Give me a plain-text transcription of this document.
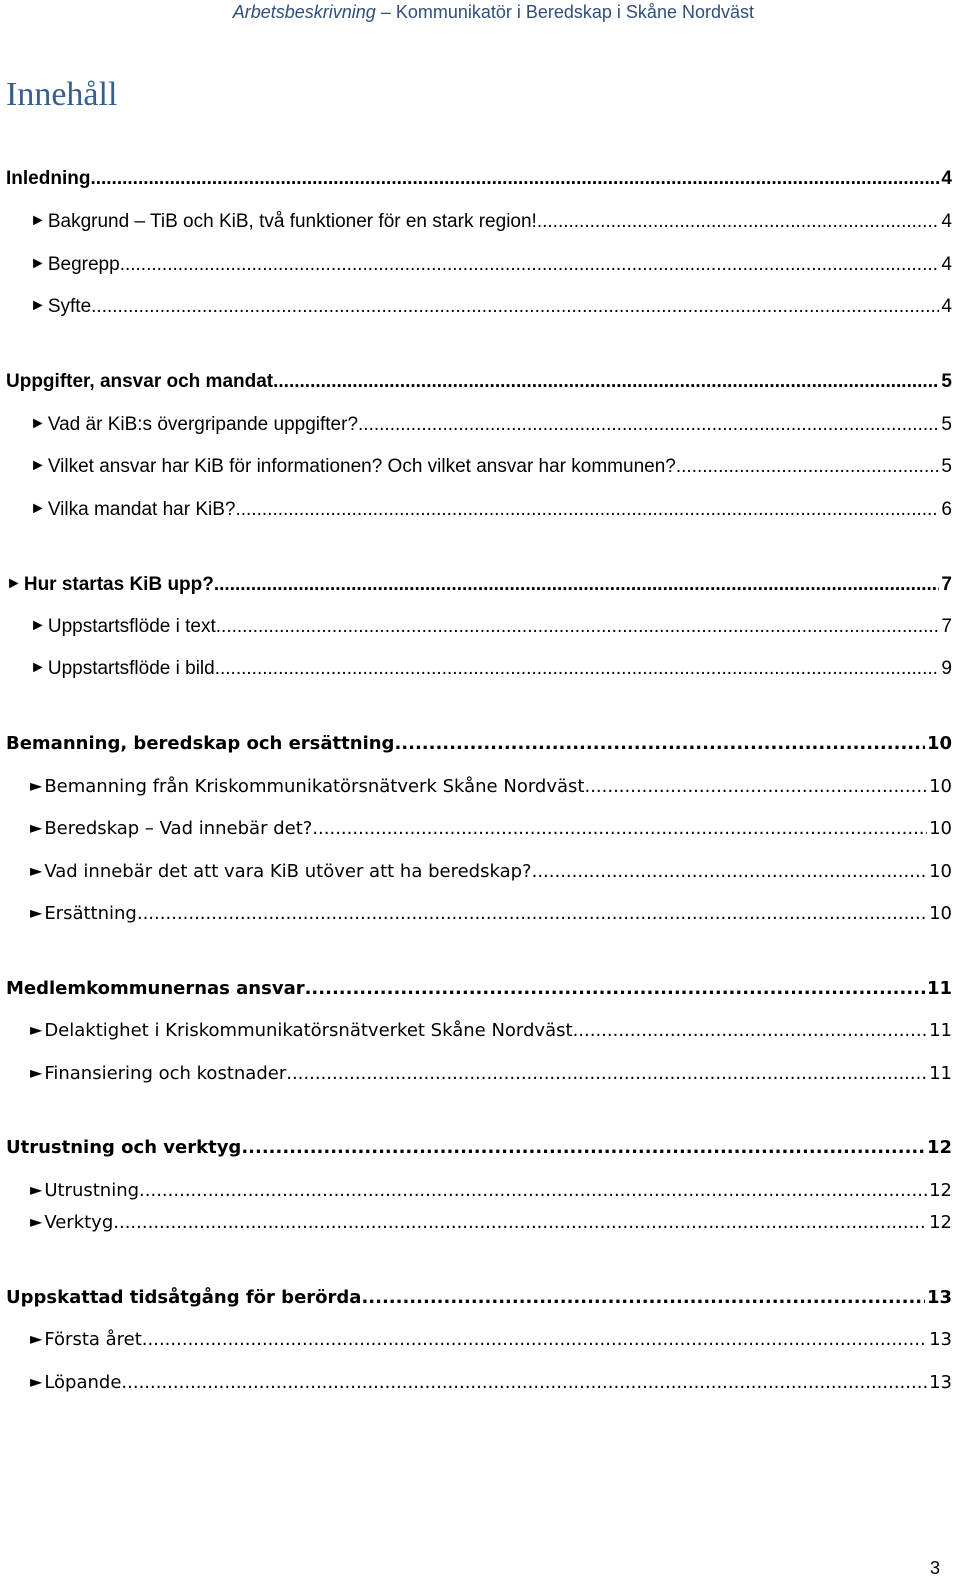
Arbetsbeskrivning – Kommunikatör i Beredskap i Skåne Nordväst
Innehåll
Inledning .....	4
► Bakgrund – TiB och KiB, två funktioner för en stark region! .....	4
► Begrepp .....	4
► Syfte .....	4
Uppgifter, ansvar och mandat .....	5
► Vad är KiB:s övergripande uppgifter? .....	5
► Vilket ansvar har KiB för informationen? Och vilket ansvar har kommunen? .....	5
► Vilka mandat har KiB? .....	6
► Hur startas KiB upp? .....	7
► Uppstartsflöde i text .....	7
► Uppstartsflöde i bild .....	9
Bemanning, beredskap och ersättning .....	10
► Bemanning från Kriskommunikatörsnätverk Skåne Nordväst .....	10
► Beredskap – Vad innebär det? .....	10
► Vad innebär det att vara KiB utöver att ha beredskap? .....	10
► Ersättning .....	10
Medlemkommunernas ansvar .....	11
► Delaktighet i Kriskommunikatörsnätverket Skåne Nordväst .....	11
► Finansiering och kostnader .....	11
Utrustning och verktyg .....	12
► Utrustning .....	12
► Verktyg .....	12
Uppskattad tidsåtgång för berörda .....	13
► Första året .....	13
► Löpande .....	13
3
